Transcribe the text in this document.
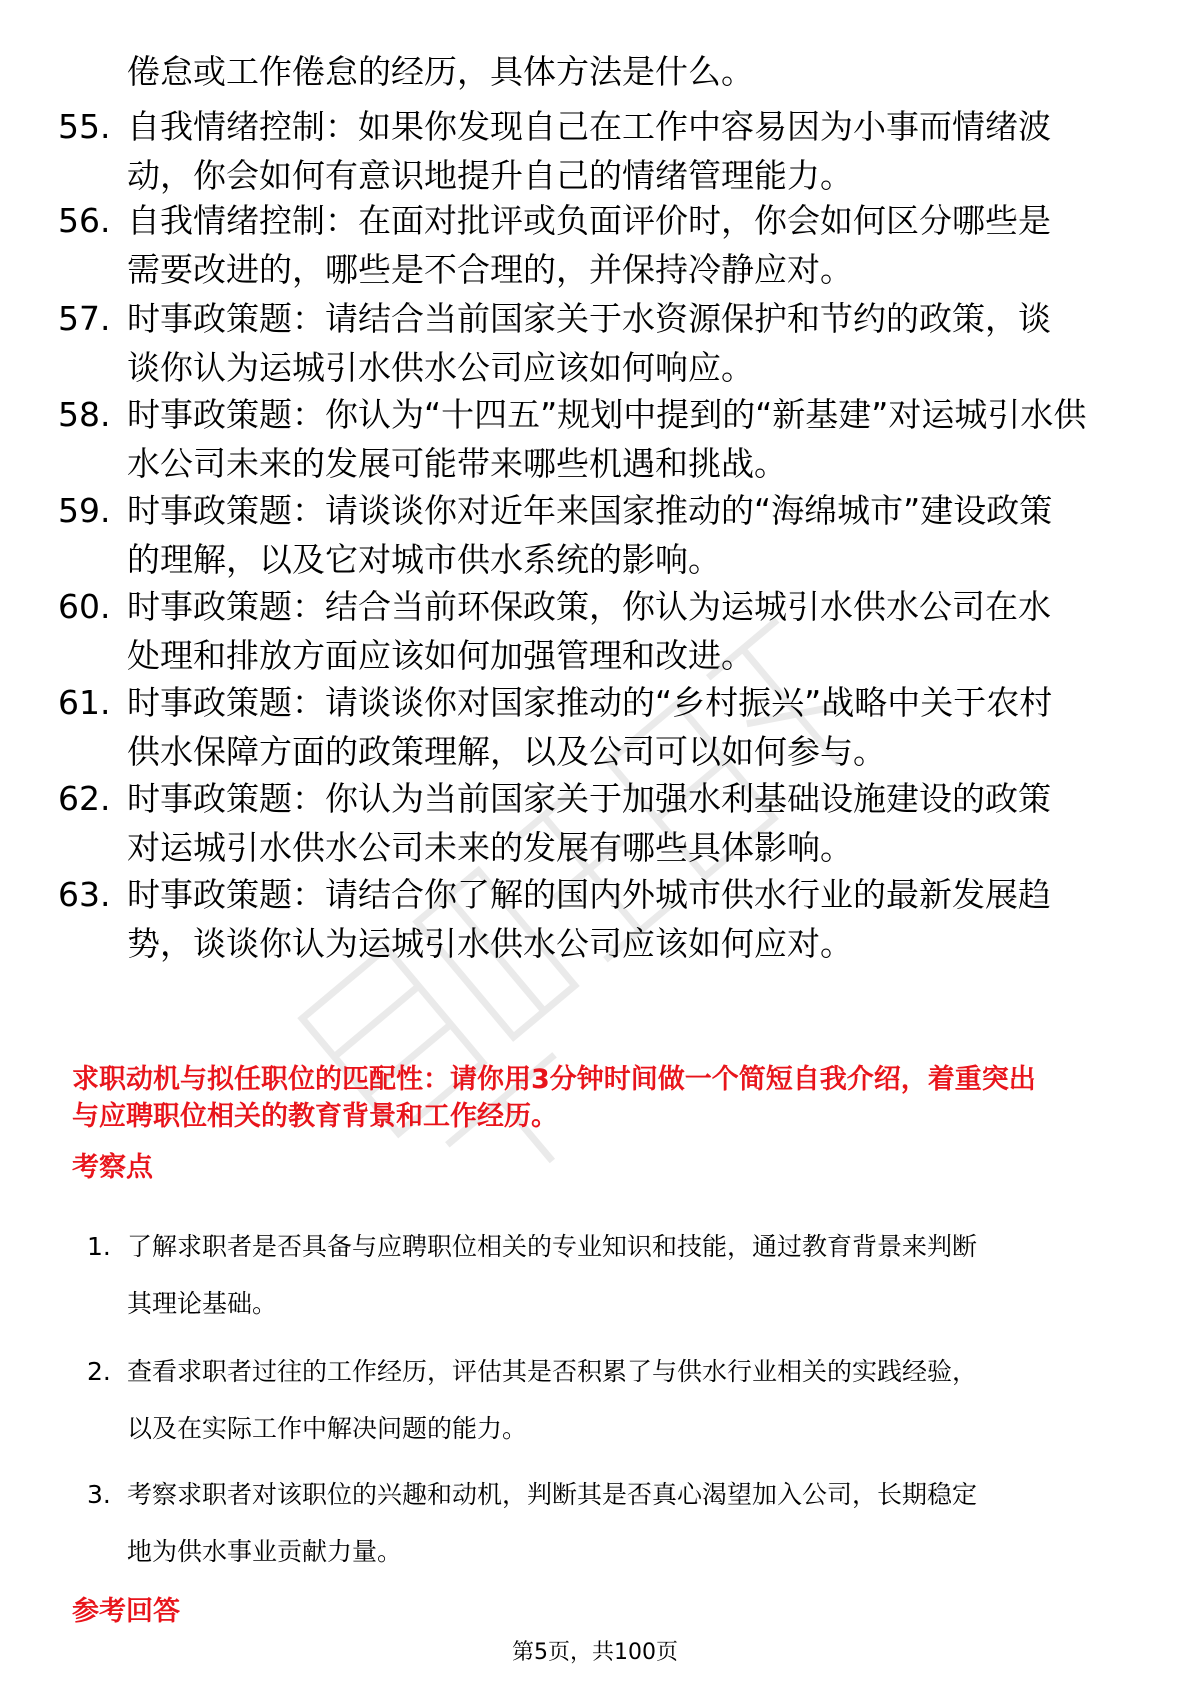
倦怠或工作倦怠的经历，具体方法是什么。
55. 自我情绪控制：如果你发现自己在工作中容易因为小事而情绪波
动，你会如何有意识地提升自己的情绪管理能力。
56. 自我情绪控制：在面对批评或负面评价时，你会如何区分哪些是
需要改进的，哪些是不合理的，并保持冷静应对。
57. 时事政策题：请结合当前国家关于水资源保护和节约的政策，谈
谈你认为运城引水供水公司应该如何响应。
58. 时事政策题：你认为“十四五”规划中提到的“新基建”对运城引水供
水公司未来的发展可能带来哪些机遇和挑战。
59. 时事政策题：请谈谈你对近年来国家推动的“海绵城市”建设政策
的理解，以及它对城市供水系统的影响。
60. 时事政策题：结合当前环保政策，你认为运城引水供水公司在水
处理和排放方面应该如何加强管理和改进。
61. 时事政策题：请谈谈你对国家推动的“乡村振兴”战略中关于农村
供水保障方面的政策理解，以及公司可以如何参与。
62. 时事政策题：你认为当前国家关于加强水利基础设施建设的政策
对运城引水供水公司未来的发展有哪些具体影响。
63. 时事政策题：请结合你了解的国内外城市供水行业的最新发展趋
势，谈谈你认为运城引水供水公司应该如何应对。
求职动机与拟任职位的匹配性：请你用3分钟时间做一个简短自我介绍，着重突出
与应聘职位相关的教育背景和工作经历。
考察点
1. 了解求职者是否具备与应聘职位相关的专业知识和技能，通过教育背景来判断
其理论基础。
2. 查看求职者过往的工作经历，评估其是否积累了与供水行业相关的实践经验，
以及在实际工作中解决问题的能力。
3. 考察求职者对该职位的兴趣和动机，判断其是否真心渴望加入公司，长期稳定
地为供水事业贡献力量。
参考回答
第5页，共100页
